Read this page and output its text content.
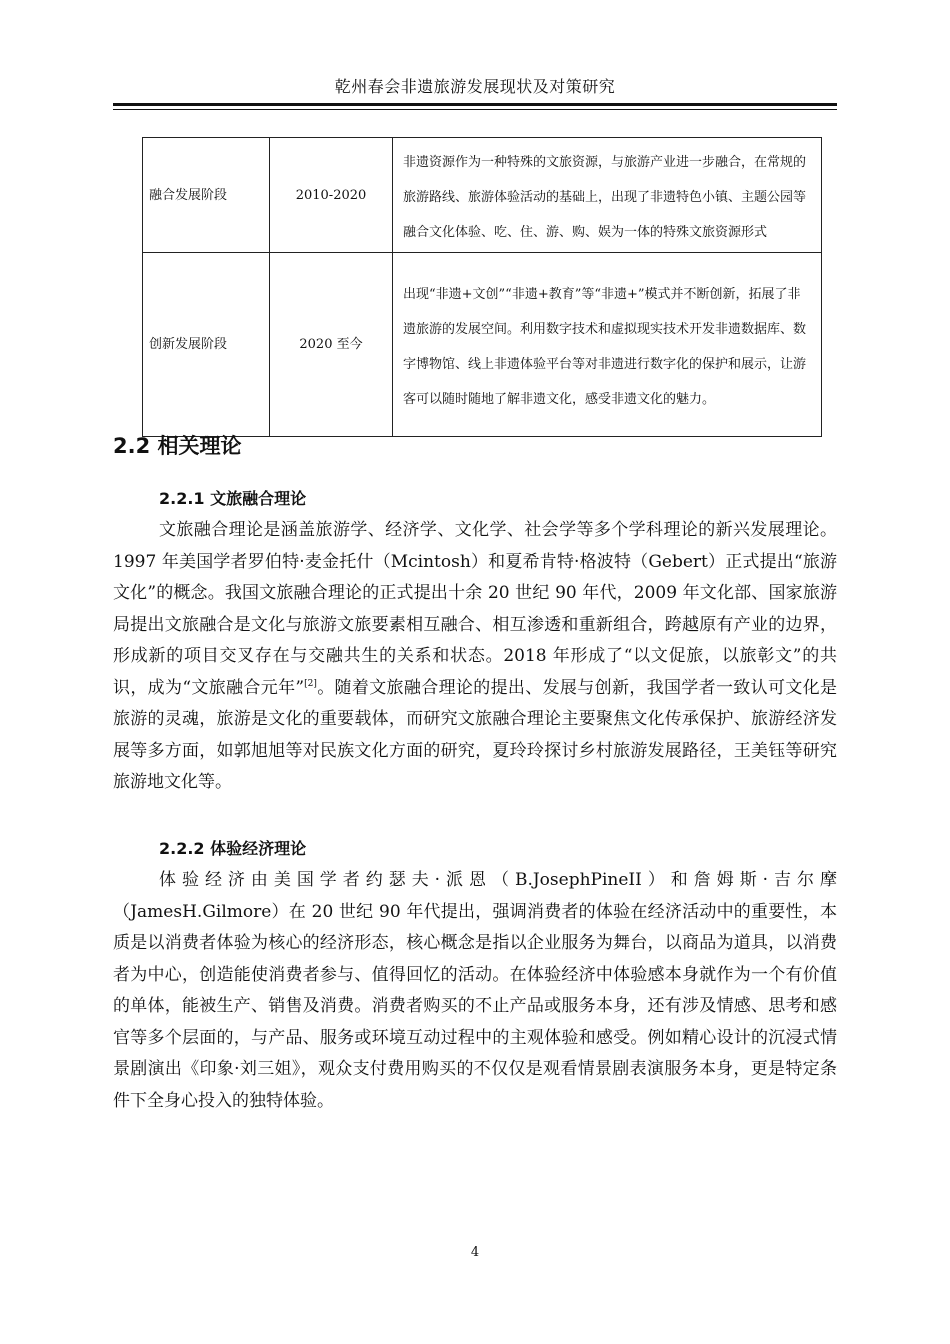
乾州春会非遗旅游发展现状及对策研究
融合发展阶段	2010-2020	非遗资源作为一种特殊的文旅资源，与旅游产业进一步融合，在常规的旅游路线、旅游体验活动的基础上，出现了非遗特色小镇、主题公园等融合文化体验、吃、住、游、购、娱为一体的特殊文旅资源形式
创新发展阶段	2020 至今	出现“非遗+文创”“非遗+教育”等“非遗+”模式并不断创新，拓展了非遗旅游的发展空间。利用数字技术和虚拟现实技术开发非遗数据库、数字博物馆、线上非遗体验平台等对非遗进行数字化的保护和展示，让游客可以随时随地了解非遗文化，感受非遗文化的魅力。
2.2 相关理论
2.2.1 文旅融合理论

文旅融合理论是涵盖旅游学、经济学、文化学、社会学等多个学科理论的新兴发展理论。1997 年美国学者罗伯特·麦金托什（Mcintosh）和夏希肯特·格波特（Gebert）正式提出“旅游文化”的概念。我国文旅融合理论的正式提出十余 20 世纪 90 年代，2009 年文化部、国家旅游局提出文旅融合是文化与旅游文旅要素相互融合、相互渗透和重新组合，跨越原有产业的边界，形成新的项目交叉存在与交融共生的关系和状态。2018 年形成了“以文促旅，以旅彰文”的共识，成为“文旅融合元年”[2]。随着文旅融合理论的提出、发展与创新，我国学者一致认可文化是旅游的灵魂，旅游是文化的重要载体，而研究文旅融合理论主要聚焦文化传承保护、旅游经济发展等多方面，如郭旭旭等对民族文化方面的研究，夏玲玲探讨乡村旅游发展路径，王美钰等研究旅游地文化等。

2.2.2 体验经济理论

体验经济由美国学者约瑟夫·派恩（B.JosephPineII）和詹姆斯·吉尔摩（JamesH.Gilmore）在 20 世纪 90 年代提出，强调消费者的体验在经济活动中的重要性，本质是以消费者体验为核心的经济形态，核心概念是指以企业服务为舞台，以商品为道具，以消费者为中心，创造能使消费者参与、值得回忆的活动。在体验经济中体验感本身就作为一个有价值的单体，能被生产、销售及消费。消费者购买的不止产品或服务本身，还有涉及情感、思考和感官等多个层面的，与产品、服务或环境互动过程中的主观体验和感受。例如精心设计的沉浸式情景剧演出《印象·刘三姐》，观众支付费用购买的不仅仅是观看情景剧表演服务本身，更是特定条件下全身心投入的独特体验。

4
